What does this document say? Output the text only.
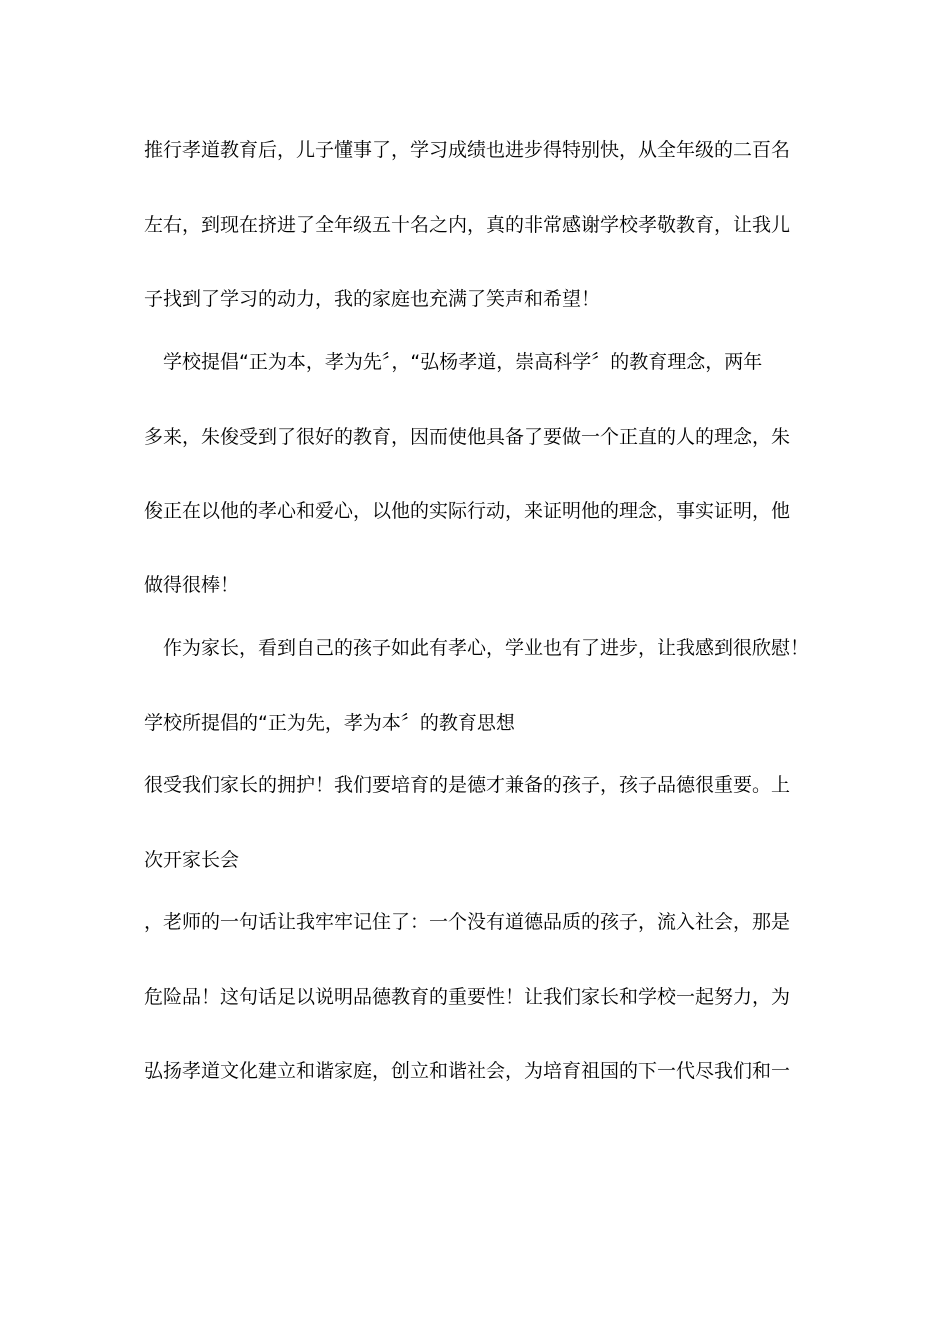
推行孝道教育后，儿子懂事了，学习成绩也进步得特别快，从全年级的二百名
左右，到现在挤进了全年级五十名之内，真的非常感谢学校孝敬教育，让我儿
子找到了学习的动力，我的家庭也充满了笑声和希望！
　学校提倡“正为本，孝为先〞，“弘杨孝道，崇高科学〞的教育理念，两年
多来，朱俊受到了很好的教育，因而使他具备了要做一个正直的人的理念，朱
俊正在以他的孝心和爱心，以他的实际行动，来证明他的理念，事实证明，他
做得很棒！
　作为家长，看到自己的孩子如此有孝心，学业也有了进步，让我感到很欣慰！
学校所提倡的“正为先，孝为本〞的教育思想
很受我们家长的拥护！我们要培育的是德才兼备的孩子，孩子品德很重要。上
次开家长会
，老师的一句话让我牢牢记住了：一个没有道德品质的孩子，流入社会，那是
危险品！这句话足以说明品德教育的重要性！让我们家长和学校一起努力，为
弘扬孝道文化建立和谐家庭，创立和谐社会，为培育祖国的下一代尽我们和一
